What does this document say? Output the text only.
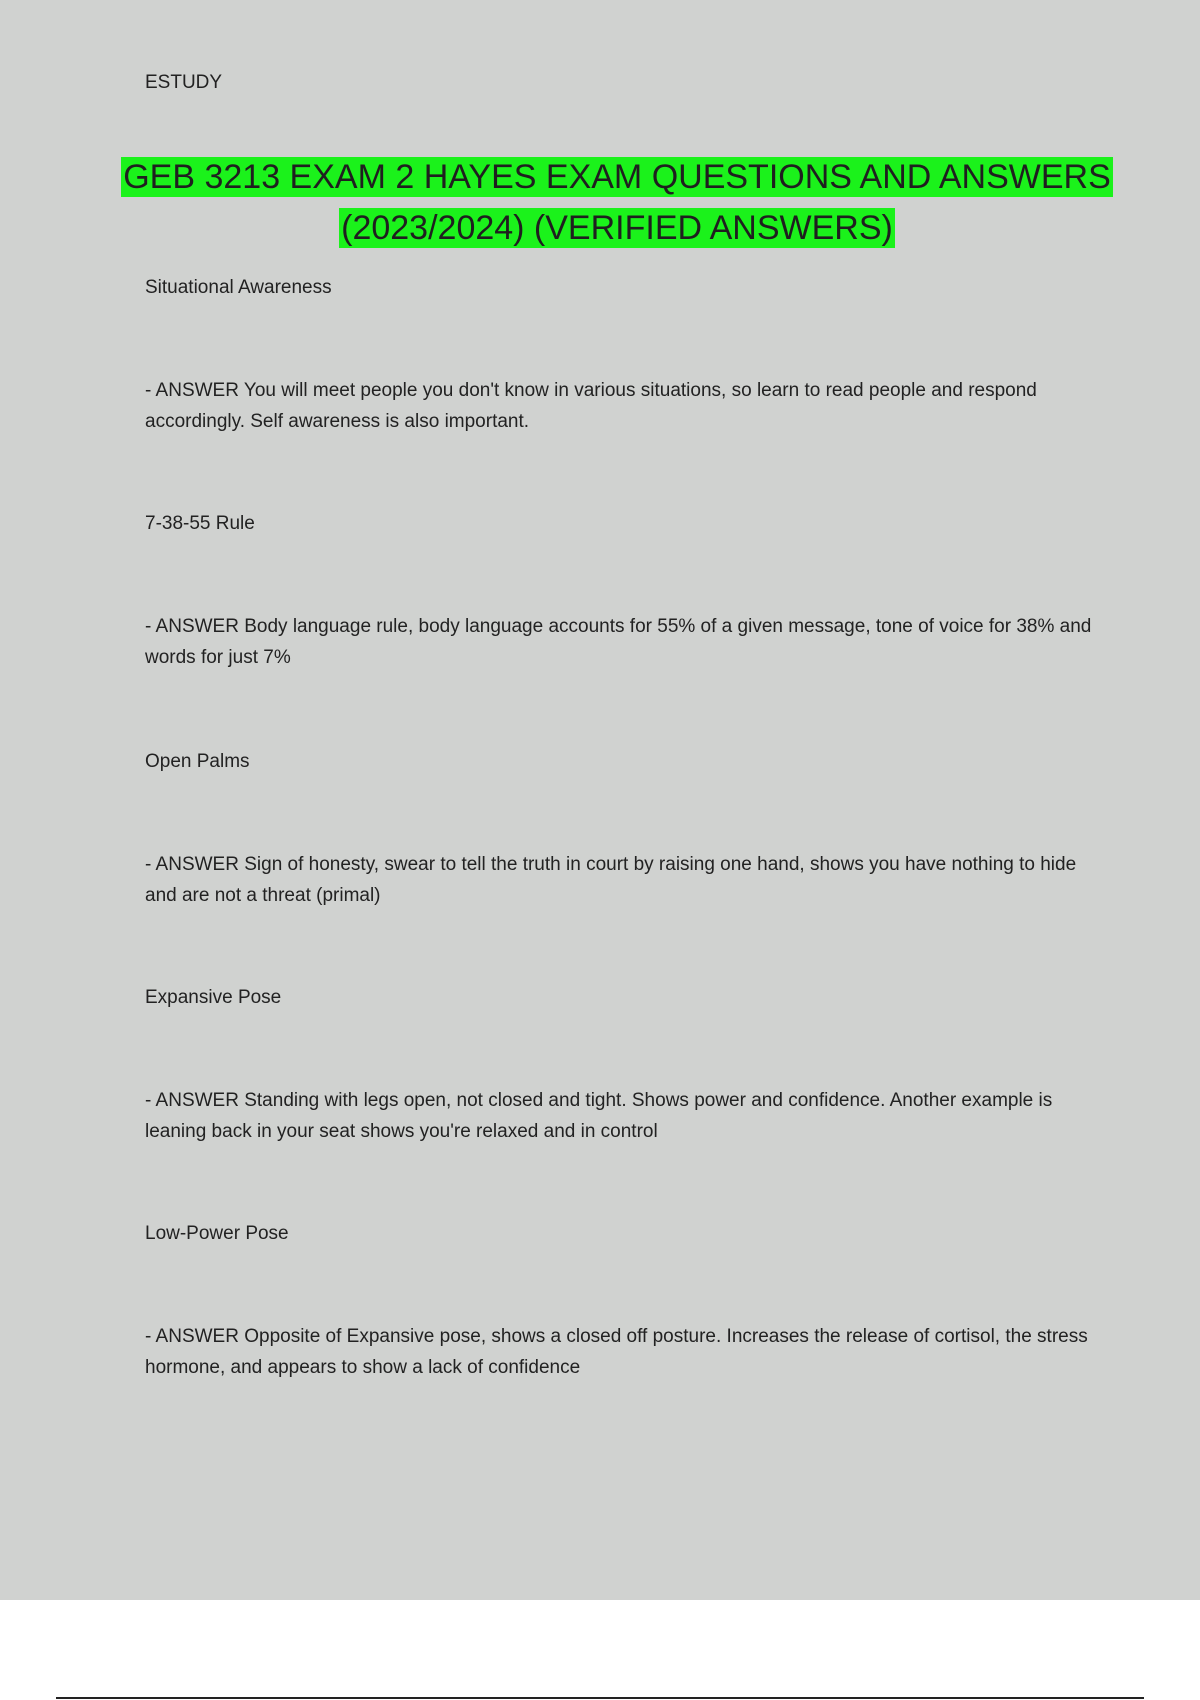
ESTUDY
GEB 3213 EXAM 2 HAYES EXAM QUESTIONS AND ANSWERS
(2023/2024) (VERIFIED ANSWERS)
Situational Awareness
- ANSWER You will meet people you don't know in various situations, so learn to read people and respond accordingly. Self awareness is also important.
7-38-55 Rule
- ANSWER Body language rule, body language accounts for 55% of a given message, tone of voice for 38% and words for just 7%
Open Palms
- ANSWER Sign of honesty, swear to tell the truth in court by raising one hand, shows you have nothing to hide and are not a threat (primal)
Expansive Pose
- ANSWER Standing with legs open, not closed and tight. Shows power and confidence. Another example is leaning back in your seat shows you're relaxed and in control
Low-Power Pose
- ANSWER Opposite of Expansive pose, shows a closed off posture. Increases the release of cortisol, the stress hormone, and appears to show a lack of confidence
